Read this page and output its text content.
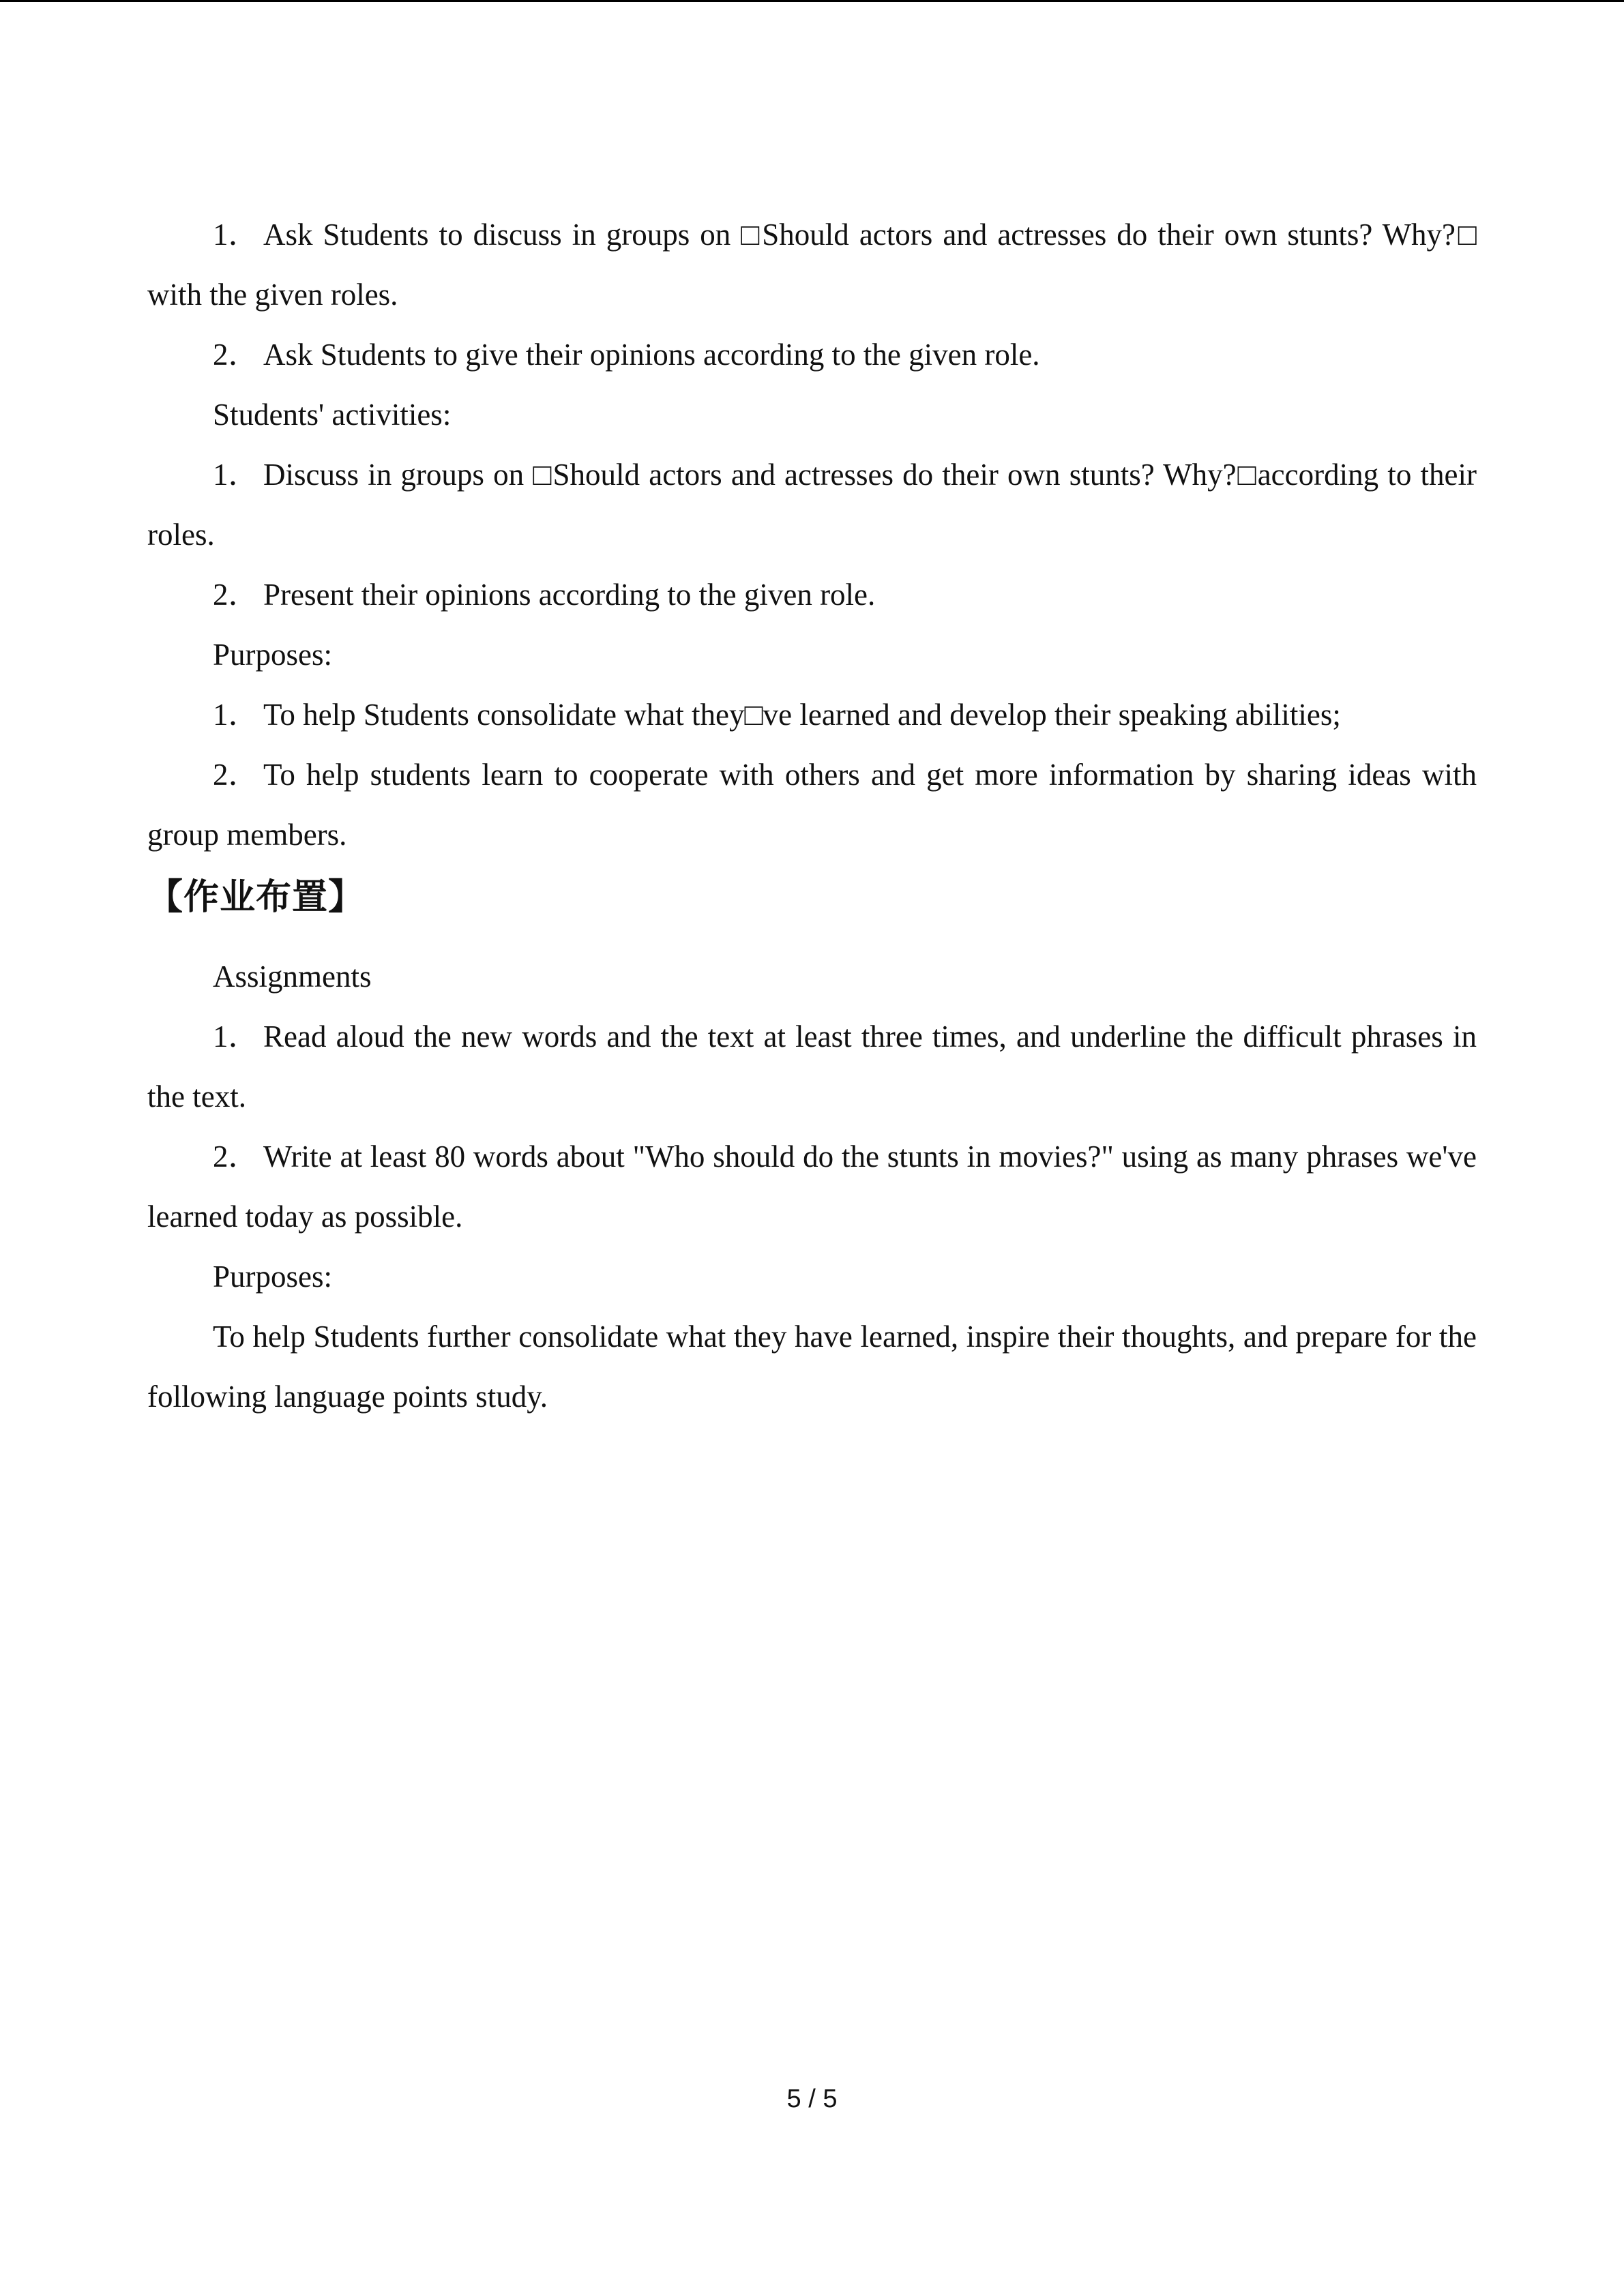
1． Ask Students to discuss in groups on □Should actors and actresses do their own stunts? Why?□ with the given roles.

2． Ask Students to give their opinions according to the given role.

Students' activities:

1． Discuss in groups on □Should actors and actresses do their own stunts? Why?□according to their roles.

2． Present their opinions according to the given role.

Purposes:

1． To help Students consolidate what they□ve learned and develop their speaking abilities;

2． To help students learn to cooperate with others and get more information by sharing ideas with group members.

【作业布置】

Assignments

1． Read aloud the new words and the text at least three times, and underline the difficult phrases in the text.

2． Write at least 80 words about "Who should do the stunts in movies?" using as many phrases we've learned today as possible.

Purposes:

To help Students further consolidate what they have learned, inspire their thoughts, and prepare for the following language points study.

5 / 5
